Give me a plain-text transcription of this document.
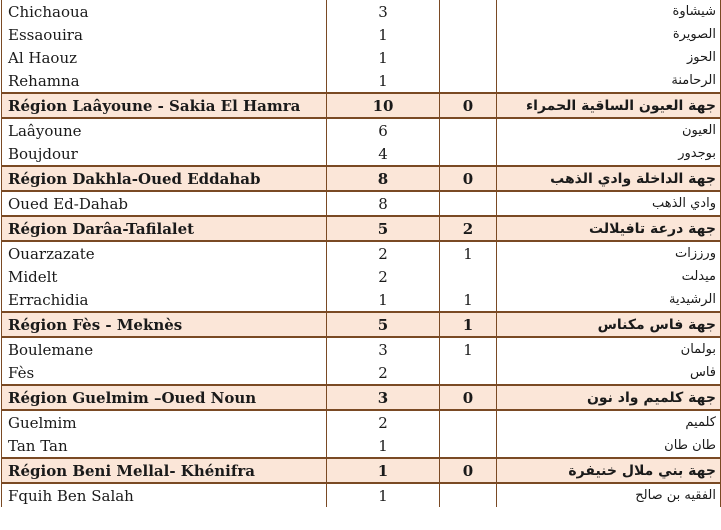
Chichaoua	3		شيشاوة
Essaouira	1		الصويرة
Al Haouz	1		الحوز
Rehamna	1		الرحامنة
Région Laâyoune - Sakia El Hamra	10	0	جهة العيون الساقية الحمراء
Laâyoune	6		العيون
Boujdour	4		بوجدور
Région Dakhla-Oued Eddahab	8	0	جهة الداخلة وادي الذهب
Oued Ed-Dahab	8		وادي الذهب
Région Darâa-Tafilalet	5	2	جهة درعة تافيلالت
Ouarzazate	2	1	ورززات
Midelt	2		ميدلت
Errachidia	1	1	الرشيدية
Région Fès - Meknès	5	1	جهة فاس مكناس
Boulemane	3	1	بولمان
Fès	2		فاس
Région Guelmim –Oued Noun	3	0	جهة كلميم واد نون
Guelmim	2		كلميم
Tan Tan	1		طان طان
Région Beni Mellal- Khénifra	1	0	جهة بني ملال خنيفرة
Fquih Ben Salah	1		الفقيه بن صالح
